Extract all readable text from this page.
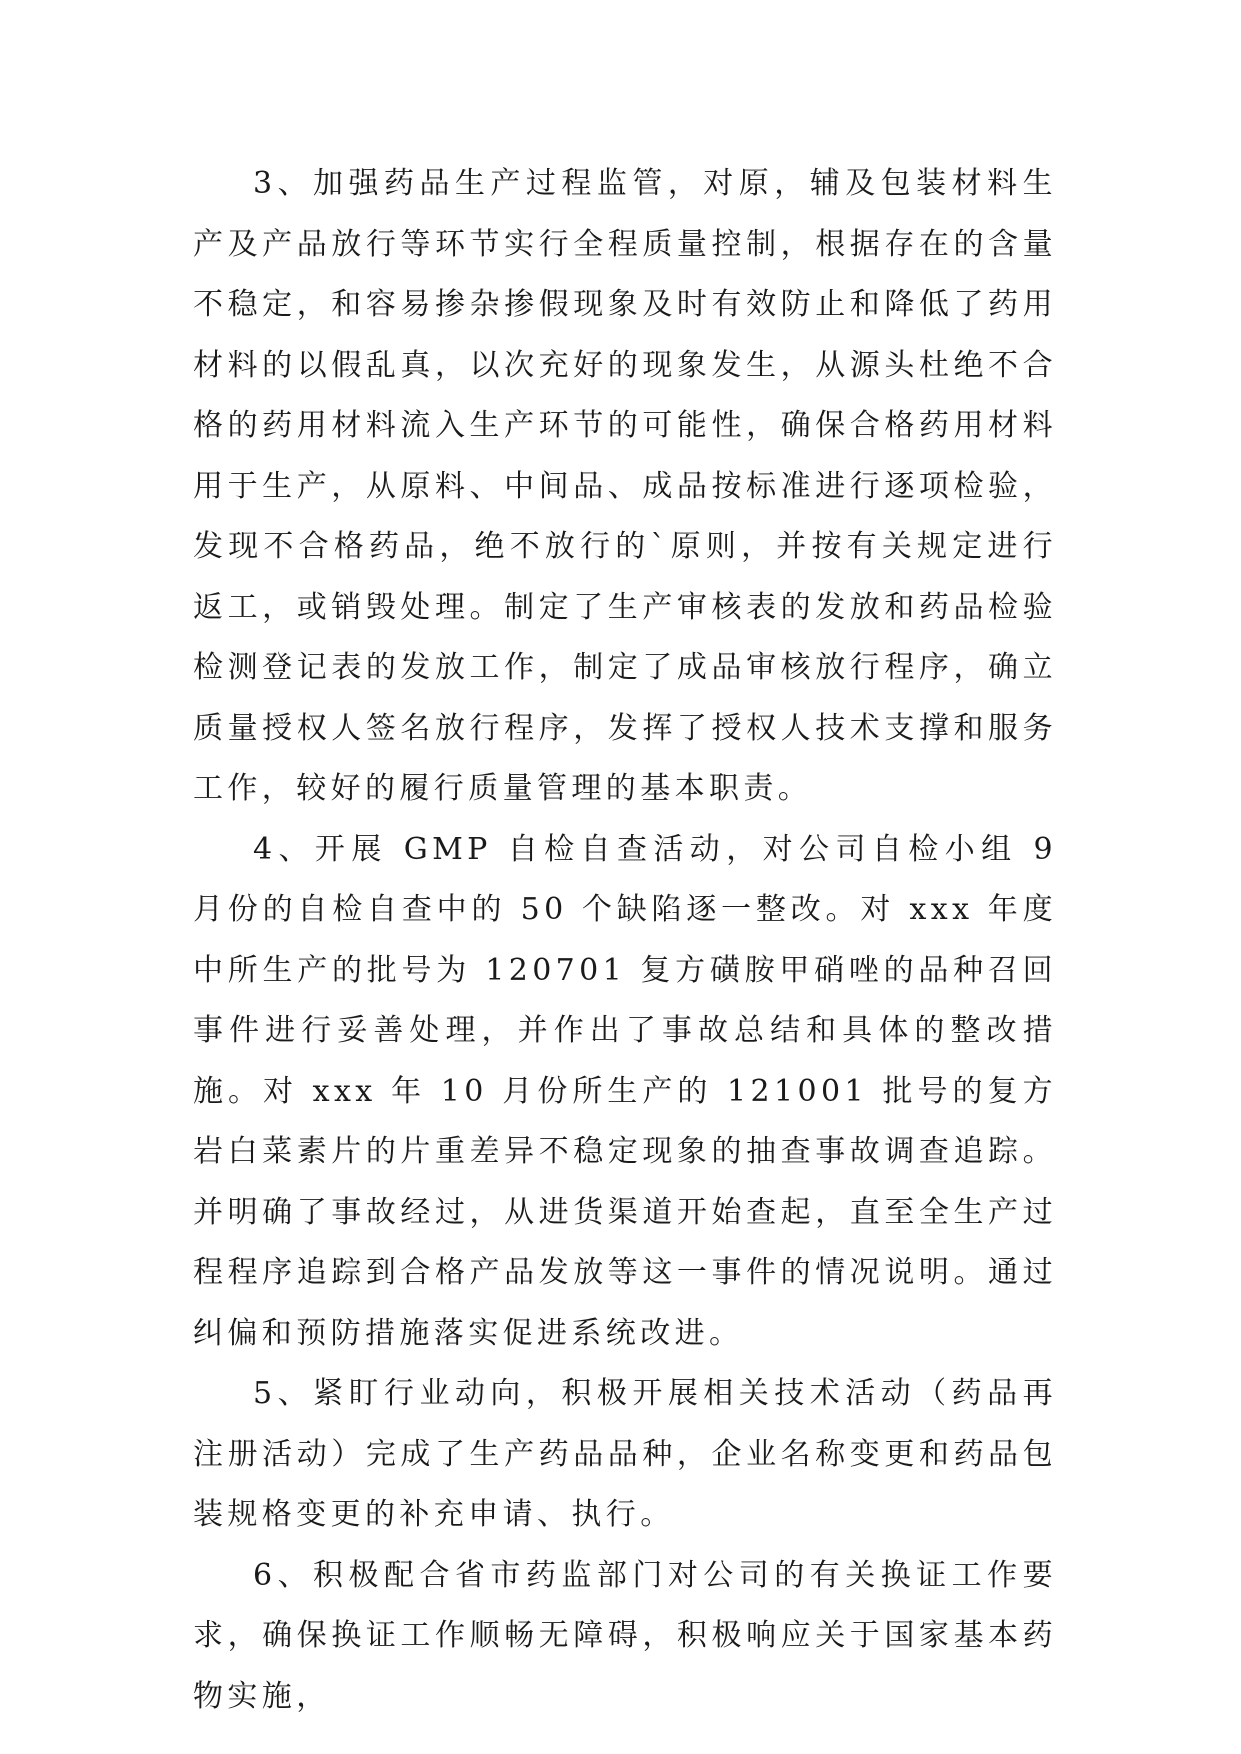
3、加强药品生产过程监管，对原，辅及包装材料生产及产品放行等环节实行全程质量控制，根据存在的含量不稳定，和容易掺杂掺假现象及时有效防止和降低了药用材料的以假乱真，以次充好的现象发生，从源头杜绝不合格的药用材料流入生产环节的可能性，确保合格药用材料用于生产，从原料、中间品、成品按标准进行逐项检验，发现不合格药品，绝不放行的`原则，并按有关规定进行返工，或销毁处理。制定了生产审核表的发放和药品检验检测登记表的发放工作，制定了成品审核放行程序，确立质量授权人签名放行程序，发挥了授权人技术支撑和服务工作，较好的履行质量管理的基本职责。

4、开展 GMP 自检自查活动，对公司自检小组 9 月份的自检自查中的 50 个缺陷逐一整改。对 xxx 年度中所生产的批号为 120701 复方磺胺甲硝唑的品种召回事件进行妥善处理，并作出了事故总结和具体的整改措施。对 xxx 年 10 月份所生产的 121001 批号的复方岩白菜素片的片重差异不稳定现象的抽查事故调查追踪。并明确了事故经过，从进货渠道开始查起，直至全生产过程程序追踪到合格产品发放等这一事件的情况说明。通过纠偏和预防措施落实促进系统改进。

5、紧盯行业动向，积极开展相关技术活动（药品再注册活动）完成了生产药品品种，企业名称变更和药品包装规格变更的补充申请、执行。

6、积极配合省市药监部门对公司的有关换证工作要求，确保换证工作顺畅无障碍，积极响应关于国家基本药物实施，
